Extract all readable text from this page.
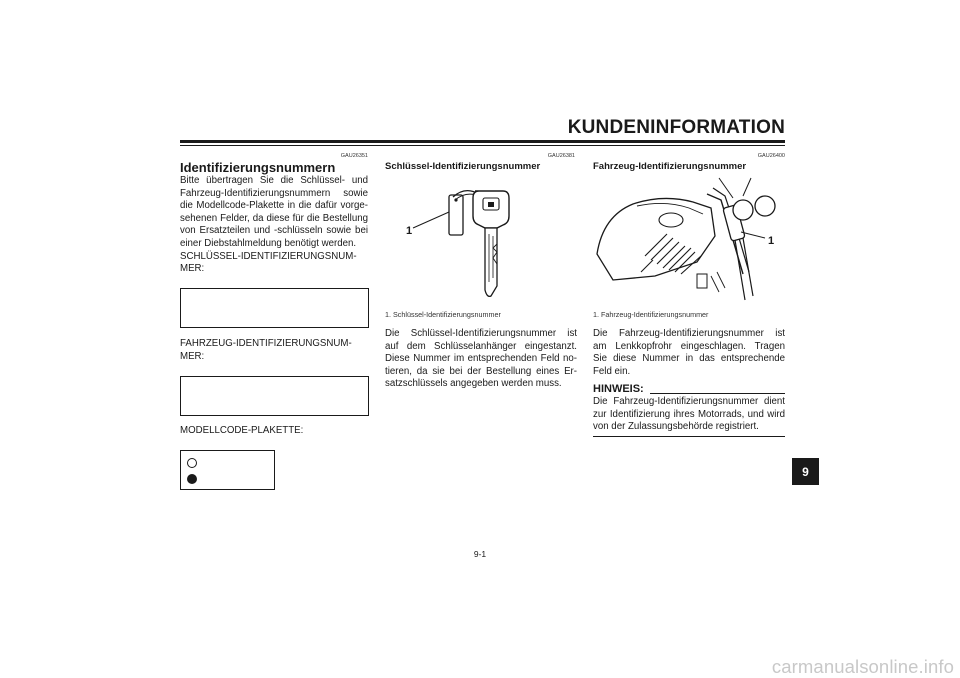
KUNDENINFORMATION
GAU26351
Identifizierungsnummern
Bitte übertragen Sie die Schlüssel- und
Fahrzeug-Identifizierungsnummern sowie
die Modellcode-Plakette in die dafür vorge-
sehenen Felder, da diese für die Bestellung
von Ersatzteilen und -schlüsseln sowie bei
einer Diebstahlmeldung benötigt werden.
SCHLÜSSEL-IDENTIFIZIERUNGSNUM-
MER:
FAHRZEUG-IDENTIFIZIERUNGSNUM-
MER:
MODELLCODE-PLAKETTE:
GAU26381
Schlüssel-Identifizierungsnummer
1
1. Schlüssel-Identifizierungsnummer
Die Schlüssel-Identifizierungsnummer ist
auf dem Schlüsselanhänger eingestanzt.
Diese Nummer im entsprechenden Feld no-
tieren, da sie bei der Bestellung eines Er-
satzschlüssels angegeben werden muss.
GAU26400
Fahrzeug-Identifizierungsnummer
1
1. Fahrzeug-Identifizierungsnummer
Die Fahrzeug-Identifizierungsnummer ist
am Lenkkopfrohr eingeschlagen. Tragen
Sie diese Nummer in das entsprechende
Feld ein.
HINWEIS:
Die Fahrzeug-Identifizierungsnummer dient
zur Identifizierung ihres Motorrads, und wird
von der Zulassungsbehörde registriert.
9
9-1
carmanualsonline.info
